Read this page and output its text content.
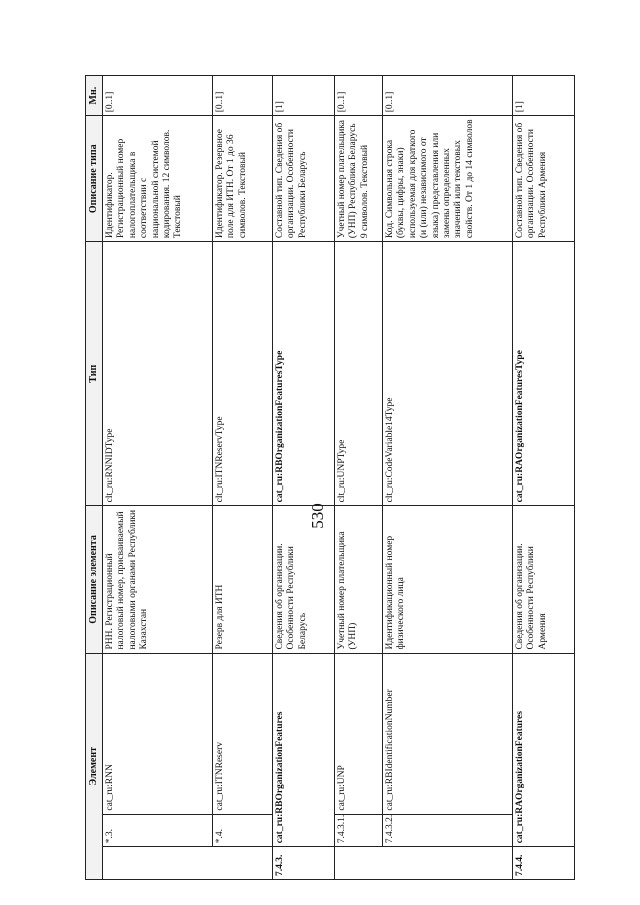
530
Элемент			Описание элемента	Тип	Описание типа	Мн.
	*.3.	cat_ru:RNN	РНН. Регистрационный налоговый номер, присваиваемый налоговыми органами Республики Казахстан	clt_ru:RNNIDType	Идентификатор. Регистрационный номер налогоплательщика в соответствии с национальной системой кодирования. 12 символов. Текстовый	[0..1]
	*.4.	cat_ru:ITNReserv	Резерв для ИТН	clt_ru:ITNReservType	Идентификатор. Резервное поле для ИТН. От 1 до 36 символов. Текстовый	[0..1]
7.4.3.	cat_ru:RBOrganizationFeatures		Сведения об организации. Особенности Республики Беларусь	cat_ru:RBOrganizationFeaturesType	Составной тип. Сведения об организации. Особенности Республики Беларусь	[1]
	7.4.3.1.	cat_ru:UNP	Учетный номер плательщика (УНП)	clt_ru:UNPType	Учетный номер плательщика (УНП) Республика Беларусь 9 символов. Текстовый	[0..1]
	7.4.3.2.	cat_ru:RBIdentificationNumber	Идентификационный номер физического лица	clt_ru:CodeVariable14Type	Код. Символьная строка (буквы, цифры, знаки) используемая для краткого (и (или) независимого от языка) представления или замены определенных значений или текстовых свойств. От 1 до 14 символов	[0..1]
7.4.4.	cat_ru:RAOrganizationFeatures		Сведения об организации. Особенности Республики Армения	cat_ru:RAOrganizationFeaturesType	Составной тип. Сведения об организации. Особенности Республики Армения	[1]
